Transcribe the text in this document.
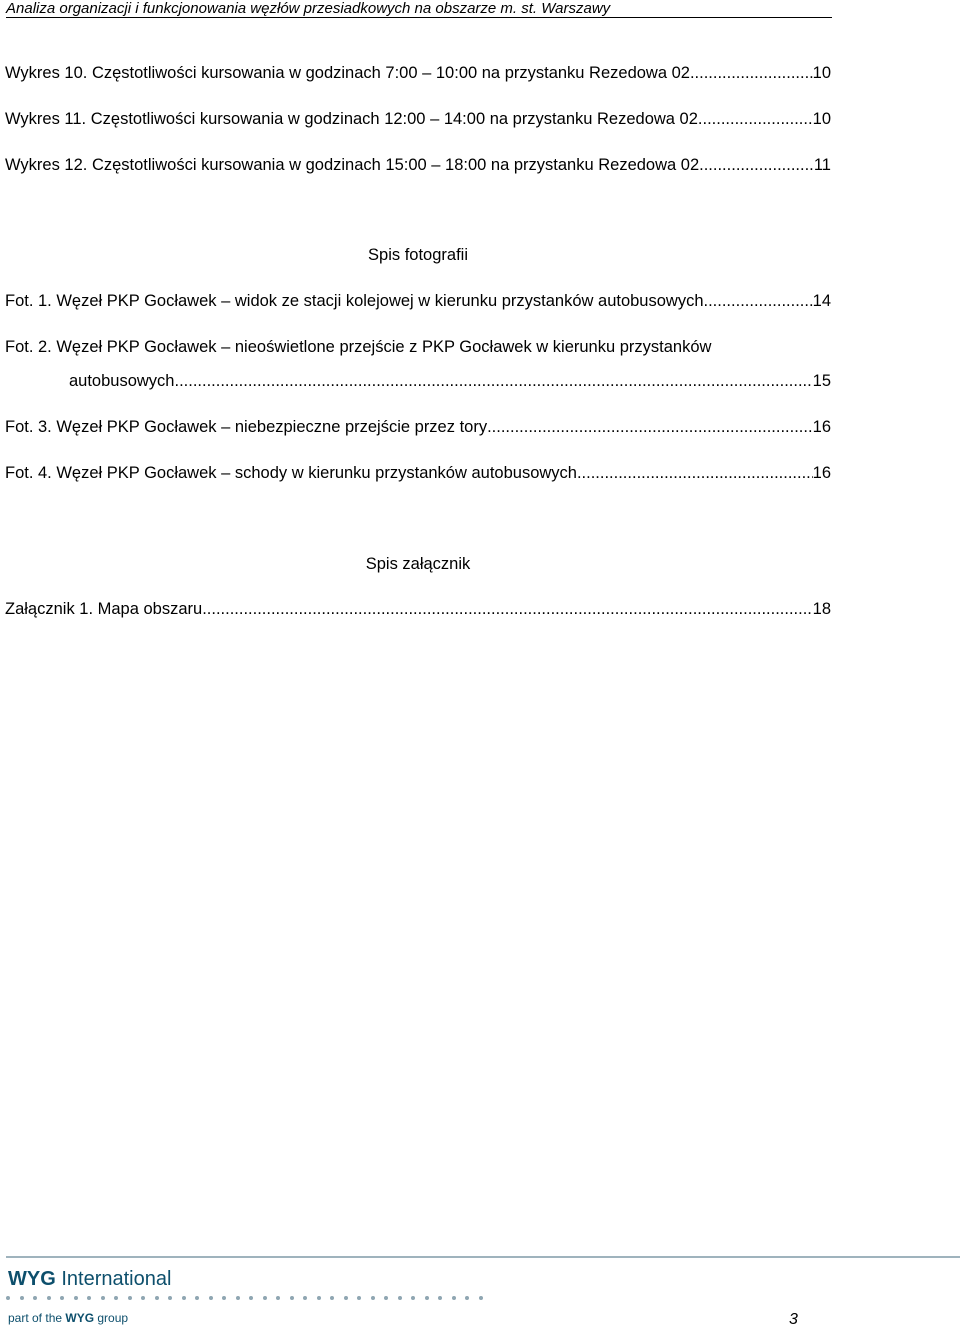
Analiza organizacji i funkcjonowania węzłów przesiadkowych na obszarze m. st. Warszawy
Wykres 10. Częstotliwości kursowania w godzinach 7:00 – 10:00 na przystanku Rezedowa 02 .....	10
Wykres 11. Częstotliwości kursowania w godzinach 12:00 – 14:00 na przystanku Rezedowa 02 .....	10
Wykres 12. Częstotliwości kursowania w godzinach 15:00 – 18:00 na przystanku Rezedowa 02 .....	11
Spis fotografii
Fot. 1. Węzeł PKP Gocławek – widok ze stacji kolejowej w kierunku przystanków autobusowych .....	14
Fot. 2. Węzeł PKP Gocławek – nieoświetlone przejście z PKP Gocławek w kierunku przystanków
autobusowych .....	15
Fot. 3. Węzeł PKP Gocławek – niebezpieczne przejście przez tory .....	16
Fot. 4. Węzeł PKP Gocławek – schody w kierunku przystanków autobusowych .....	16
Spis załącznik
Załącznik 1. Mapa obszaru .....	18
WYG International
part of the WYG group	3
